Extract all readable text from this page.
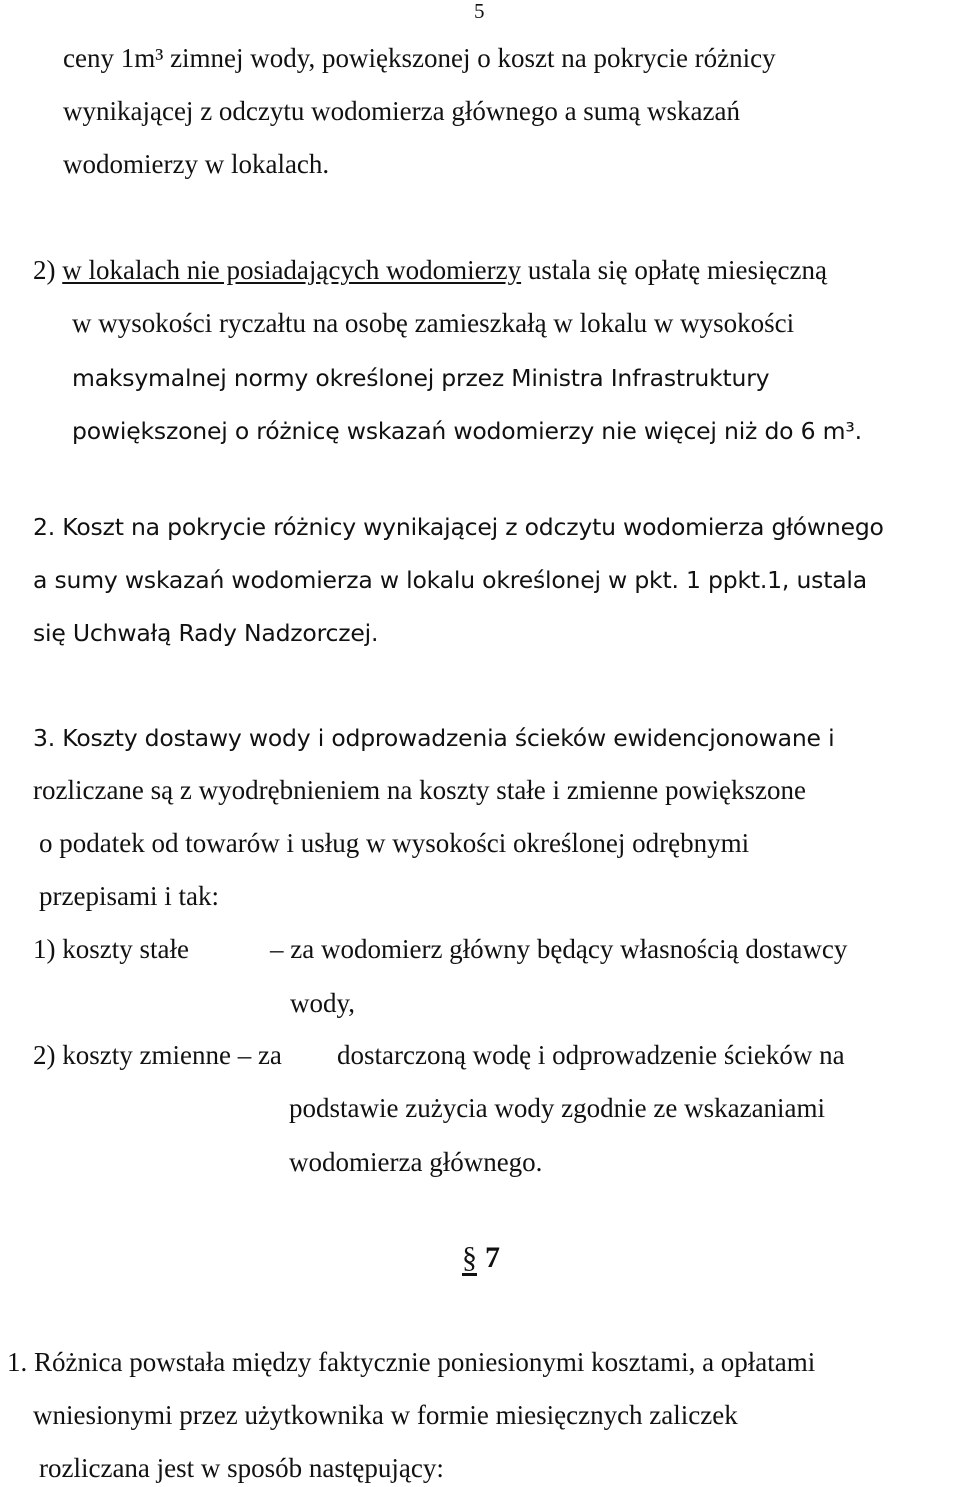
5
ceny 1m³ zimnej wody, powiększonej o koszt na pokrycie różnicy
wynikającej z odczytu wodomierza głównego a sumą wskazań
wodomierzy w lokalach.
2) w lokalach nie posiadających wodomierzy ustala się opłatę miesięczną
w wysokości ryczałtu na osobę zamieszkałą w lokalu w wysokości
maksymalnej normy określonej przez Ministra Infrastruktury
powiększonej o różnicę wskazań wodomierzy nie więcej niż do 6 m³.
2. Koszt na pokrycie różnicy wynikającej z odczytu wodomierza głównego
a sumy wskazań wodomierza w lokalu określonej w pkt. 1 ppkt.1, ustala
się Uchwałą Rady Nadzorczej.
3. Koszty dostawy wody i odprowadzenia ścieków ewidencjonowane i
rozliczane są z wyodrębnieniem na koszty stałe i zmienne powiększone
o podatek od towarów i usług w wysokości określonej odrębnymi
przepisami i tak:
1) koszty stałe	– za wodomierz główny będący własnością dostawcy
wody,
2) koszty zmienne – za dostarczoną wodę i odprowadzenie ścieków na
podstawie zużycia wody zgodnie ze wskazaniami
wodomierza głównego.
§ 7
1. Różnica powstała między faktycznie poniesionymi kosztami, a opłatami
wniesionymi przez użytkownika w formie miesięcznych zaliczek
rozliczana jest w sposób następujący:
